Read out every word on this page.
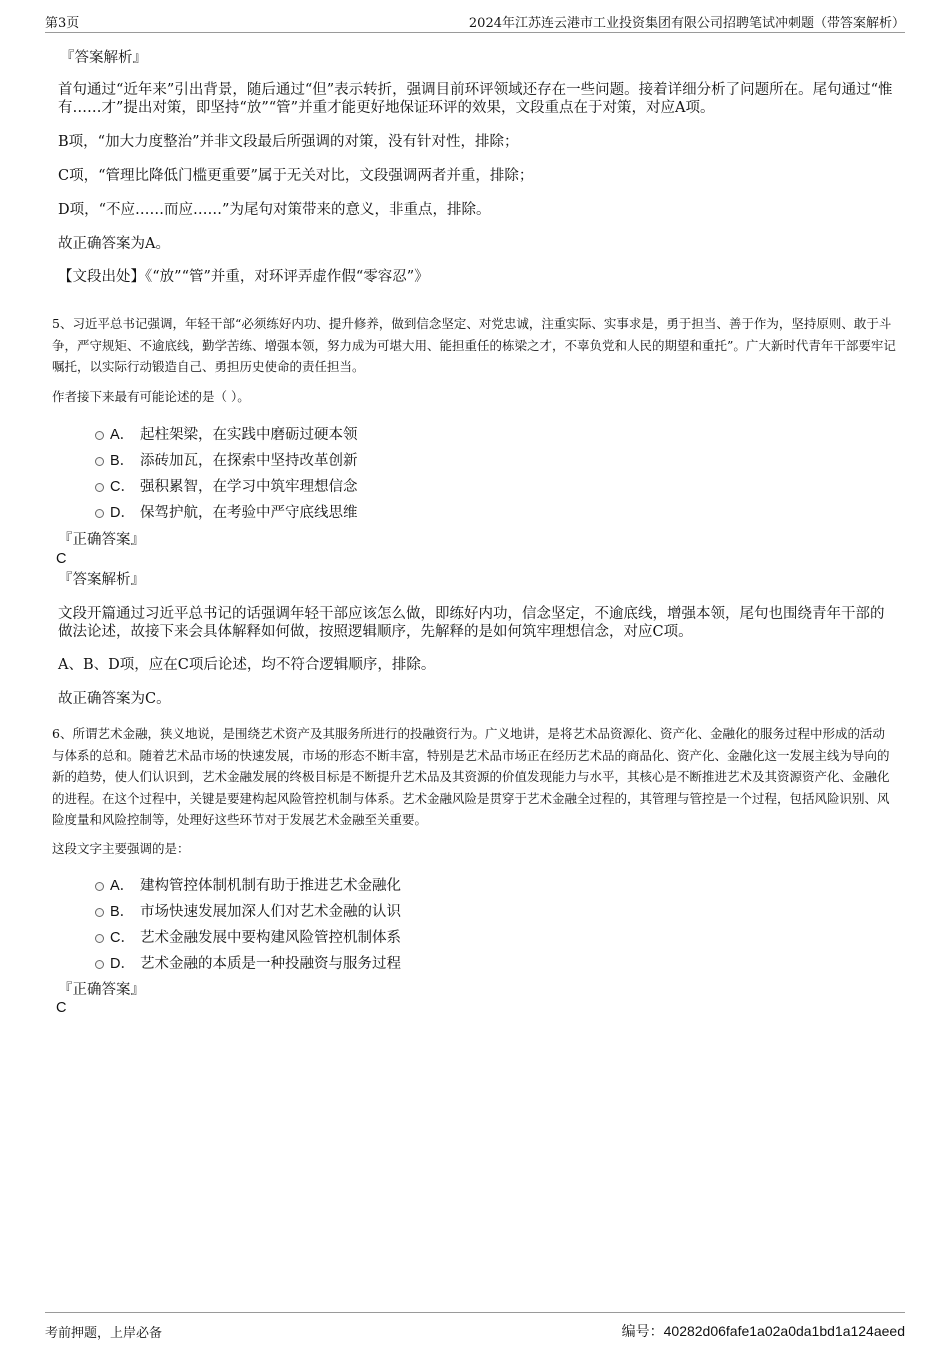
第3页	2024年江苏连云港市工业投资集团有限公司招聘笔试冲刺题（带答案解析）
『答案解析』
首句通过“近年来”引出背景，随后通过“但”表示转折，强调目前环评领域还存在一些问题。接着详细分析了问题所在。尾句通过“惟有……才”提出对策，即坚持“放”“管”并重才能更好地保证环评的效果，文段重点在于对策，对应A项。
B项，“加大力度整治”并非文段最后所强调的对策，没有针对性，排除；
C项，“管理比降低门槛更重要”属于无关对比，文段强调两者并重，排除；
D项，“不应……而应……”为尾句对策带来的意义，非重点，排除。
故正确答案为A。
【文段出处】《“放”“管”并重，对环评弄虚作假“零容忍”》
5、习近平总书记强调，年轻干部“必须练好内功、提升修养，做到信念坚定、对党忠诚，注重实际、实事求是，勇于担当、善于作为，坚持原则、敢于斗争，严守规矩、不逾底线，勤学苦练、增强本领，努力成为可堪大用、能担重任的栋梁之才，不辜负党和人民的期望和重托”。广大新时代青年干部要牢记嘱托，以实际行动锻造自己、勇担历史使命的责任担当。
作者接下来最有可能论述的是（ ）。
A． 起柱架梁，在实践中磨砺过硬本领
B． 添砖加瓦，在探索中坚持改革创新
C． 强积累智，在学习中筑牢理想信念
D． 保驾护航，在考验中严守底线思维
『正确答案』
C
『答案解析』
文段开篇通过习近平总书记的话强调年轻干部应该怎么做，即练好内功，信念坚定，不逾底线，增强本领，尾句也围绕青年干部的做法论述，故接下来会具体解释如何做，按照逻辑顺序，先解释的是如何筑牢理想信念，对应C项。
A、B、D项，应在C项后论述，均不符合逻辑顺序，排除。
故正确答案为C。
6、所谓艺术金融，狭义地说，是围绕艺术资产及其服务所进行的投融资行为。广义地讲，是将艺术品资源化、资产化、金融化的服务过程中形成的活动与体系的总和。随着艺术品市场的快速发展，市场的形态不断丰富，特别是艺术品市场正在经历艺术品的商品化、资产化、金融化这一发展主线为导向的新的趋势，使人们认识到，艺术金融发展的终极目标是不断提升艺术品及其资源的价值发现能力与水平，其核心是不断推进艺术及其资源资产化、金融化的进程。在这个过程中，关键是要建构起风险管控机制与体系。艺术金融风险是贯穿于艺术金融全过程的，其管理与管控是一个过程，包括风险识别、风险度量和风险控制等，处理好这些环节对于发展艺术金融至关重要。
这段文字主要强调的是：
A． 建构管控体制机制有助于推进艺术金融化
B． 市场快速发展加深人们对艺术金融的认识
C． 艺术金融发展中要构建风险管控机制体系
D． 艺术金融的本质是一种投融资与服务过程
『正确答案』
C
考前押题，上岸必备	编号：40282d06fafe1a02a0da1bd1a124aeed
